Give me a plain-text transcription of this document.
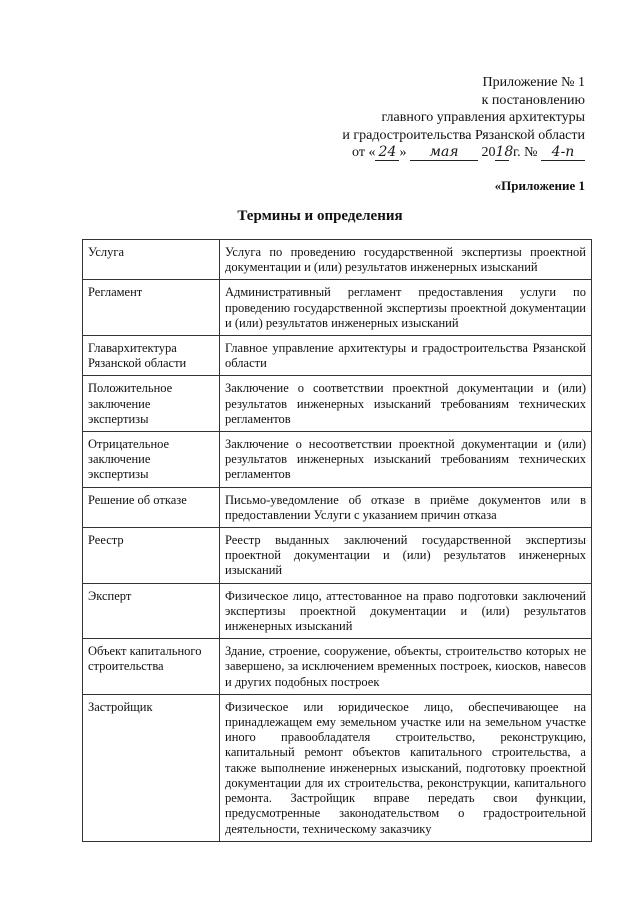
Приложение № 1
к постановлению
главного управления архитектуры
и градостроительства Рязанской области
от « 24 » мая 2018 г. № 4-п
«Приложение 1
Термины и определения
Услуга	Услуга по проведению государственной экспертизы проектной документации и (или) результатов инженерных изысканий
Регламент	Административный регламент предоставления услуги по проведению государственной экспертизы проектной документации и (или) результатов инженерных изысканий
Главархитектура Рязанской области	Главное управление архитектуры и градостроительства Рязанской области
Положительное заключение экспертизы	Заключение о соответствии проектной документации и (или) результатов инженерных изысканий требованиям технических регламентов
Отрицательное заключение экспертизы	Заключение о несоответствии проектной документации и (или) результатов инженерных изысканий требованиям технических регламентов
Решение об отказе	Письмо-уведомление об отказе в приёме документов или в предоставлении Услуги с указанием причин отказа
Реестр	Реестр выданных заключений государственной экспертизы проектной документации и (или) результатов инженерных изысканий
Эксперт	Физическое лицо, аттестованное на право подготовки заключений экспертизы проектной документации и (или) результатов инженерных изысканий
Объект капитального строительства	Здание, строение, сооружение, объекты, строительство которых не завершено, за исключением временных построек, киосков, навесов и других подобных построек
Застройщик	Физическое или юридическое лицо, обеспечивающее на принадлежащем ему земельном участке или на земельном участке иного правообладателя строительство, реконструкцию, капитальный ремонт объектов капитального строительства, а также выполнение инженерных изысканий, подготовку проектной документации для их строительства, реконструкции, капитального ремонта. Застройщик вправе передать свои функции, предусмотренные законодательством о градостроительной деятельности, техническому заказчику
